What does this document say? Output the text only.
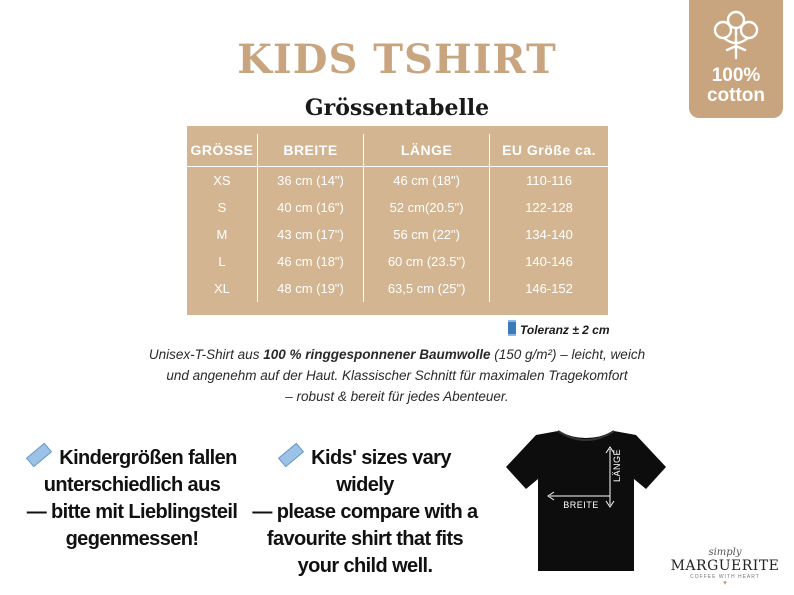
KIDS TSHIRT	100%
cotton
Grössentabelle
GRÖSSE	BREITE	LÄNGE	EU Größe ca.
XS	36 cm (14")	46 cm (18")	110-116
S	40 cm (16")	52 cm(20.5")	122-128
M	43 cm (17")	56 cm (22")	134-140
L	46 cm (18")	60 cm (23.5")	140-146
XL	48 cm (19")	63,5 cm (25")	146-152
Toleranz ± 2 cm
Unisex-T-Shirt aus 100 % ringgesponnener Baumwolle (150 g/m²) – leicht, weich
und angenehm auf der Haut. Klassischer Schnitt für maximalen Tragekomfort
– robust & bereit für jedes Abenteuer.
Kindergrößen fallen
unterschiedlich aus
— bitte mit Lieblingsteil
gegenmessen!
Kids' sizes vary widely
— please compare with a
favourite shirt that fits
your child well.
BREITE
LÄNGE
simply
MARGUERITE
COFFEE WITH HEART
♥
